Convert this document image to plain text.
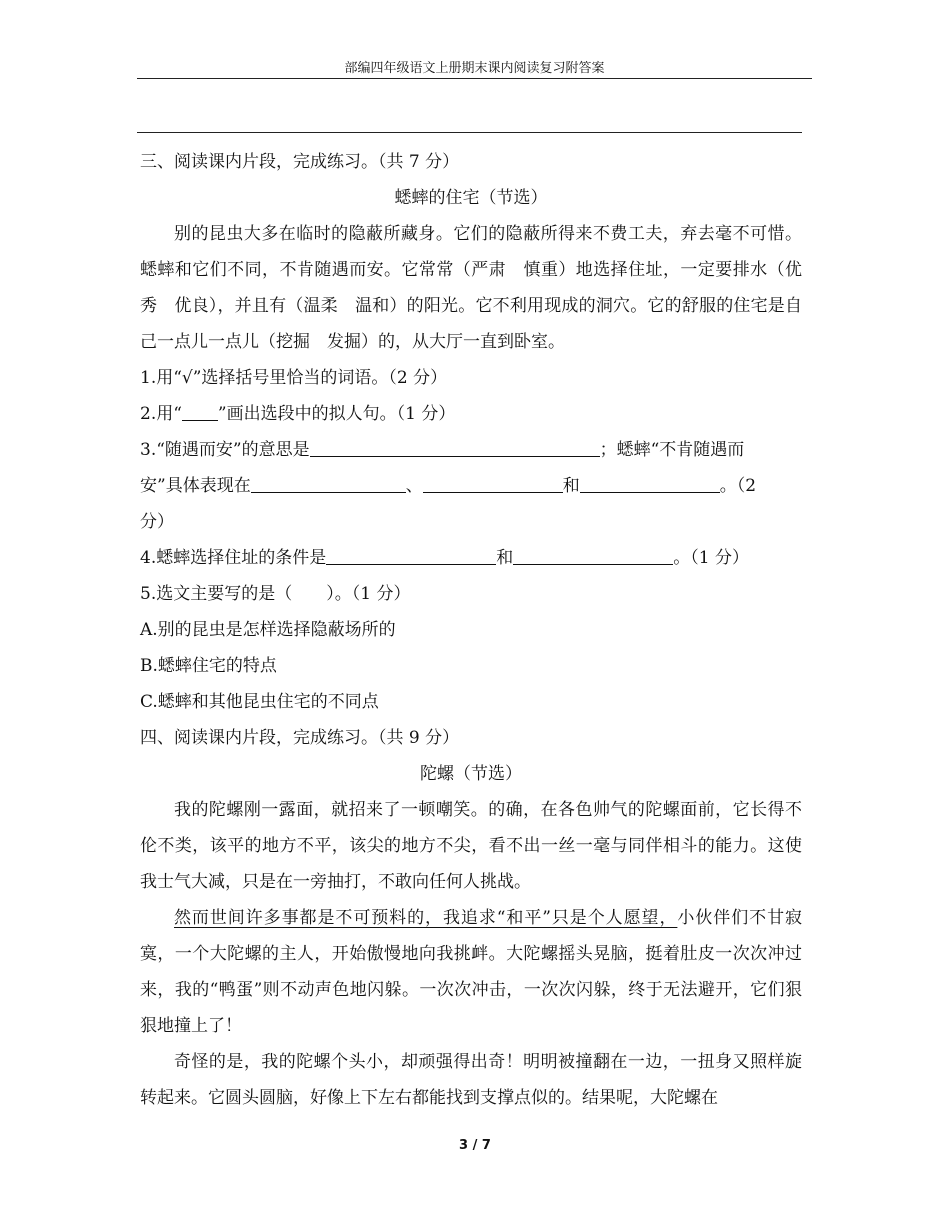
部编四年级语文上册期末课内阅读复习附答案
三、阅读课内片段，完成练习。（共 7 分）
蟋蟀的住宅（节选）
别的昆虫大多在临时的隐蔽所藏身。它们的隐蔽所得来不费工夫，弃去毫不可惜。蟋蟀和它们不同，不肯随遇而安。它常常（严肃　慎重）地选择住址，一定要排水（优秀　优良），并且有（温柔　温和）的阳光。它不利用现成的洞穴。它的舒服的住宅是自己一点儿一点儿（挖掘　发掘）的，从大厅一直到卧室。
1.用“√”选择括号里恰当的词语。（2 分）
2.用“ ”画出选段中的拟人句。（1 分）
3.“随遇而安”的意思是	；蟋蟀“不肯随遇而
安”具体表现在	、	和	。（2
分）
4.蟋蟀选择住址的条件是	和	。（1 分）
5.选文主要写的是（　　）。（1 分）
A.别的昆虫是怎样选择隐蔽场所的
B.蟋蟀住宅的特点
C.蟋蟀和其他昆虫住宅的不同点
四、阅读课内片段，完成练习。（共 9 分）
陀螺（节选）
我的陀螺刚一露面，就招来了一顿嘲笑。的确，在各色帅气的陀螺面前，它长得不伦不类，该平的地方不平，该尖的地方不尖，看不出一丝一毫与同伴相斗的能力。这使我士气大减，只是在一旁抽打，不敢向任何人挑战。
然而世间许多事都是不可预料的，我追求“和平”只是个人愿望，小伙伴们不甘寂寞，一个大陀螺的主人，开始傲慢地向我挑衅。大陀螺摇头晃脑，挺着肚皮一次次冲过来，我的“鸭蛋”则不动声色地闪躲。一次次冲击，一次次闪躲，终于无法避开，它们狠狠地撞上了！
奇怪的是，我的陀螺个头小，却顽强得出奇！明明被撞翻在一边，一扭身又照样旋转起来。它圆头圆脑，好像上下左右都能找到支撑点似的。结果呢，大陀螺在
3 / 7
